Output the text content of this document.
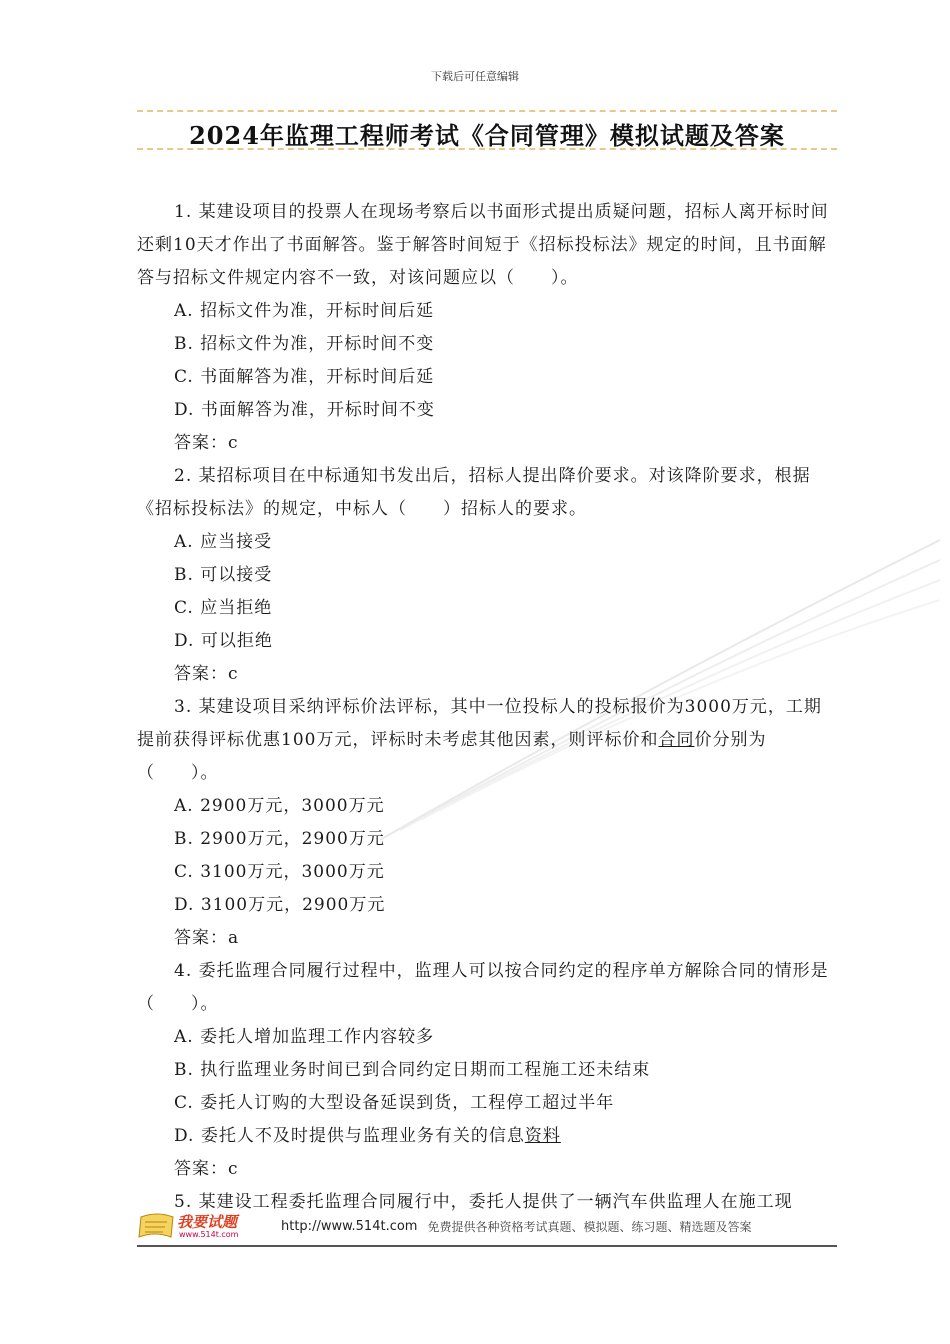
下载后可任意编辑
2024年监理工程师考试《合同管理》模拟试题及答案

1. 某建设项目的投票人在现场考察后以书面形式提出质疑问题，招标人离开标时间还剩10天才作出了书面解答。鉴于解答时间短于《招标投标法》规定的时间，且书面解答与招标文件规定内容不一致，对该问题应以（　　）。

A. 招标文件为准，开标时间后延

B. 招标文件为准，开标时间不变

C. 书面解答为准，开标时间后延

D. 书面解答为准，开标时间不变

答案：c

2. 某招标项目在中标通知书发出后，招标人提出降价要求。对该降阶要求，根据《招标投标法》的规定，中标人（　　）招标人的要求。

A. 应当接受

B. 可以接受

C. 应当拒绝

D. 可以拒绝

答案：c

3. 某建设项目采纳评标价法评标，其中一位投标人的投标报价为3000万元，工期提前获得评标优惠100万元，评标时未考虑其他因素，则评标价和合同价分别为（　　）。

A. 2900万元，3000万元

B. 2900万元，2900万元

C. 3100万元，3000万元

D. 3100万元，2900万元

答案：a

4. 委托监理合同履行过程中，监理人可以按合同约定的程序单方解除合同的情形是（　　）。

A. 委托人增加监理工作内容较多

B. 执行监理业务时间已到合同约定日期而工程施工还未结束

C. 委托人订购的大型设备延误到货，工程停工超过半年

D. 委托人不及时提供与监理业务有关的信息资料

答案：c

5. 某建设工程委托监理合同履行中，委托人提供了一辆汽车供监理人在施工现

我要试题
www.514t.com
http://www.514t.com 免费提供各种资格考试真题、模拟题、练习题、精选题及答案
